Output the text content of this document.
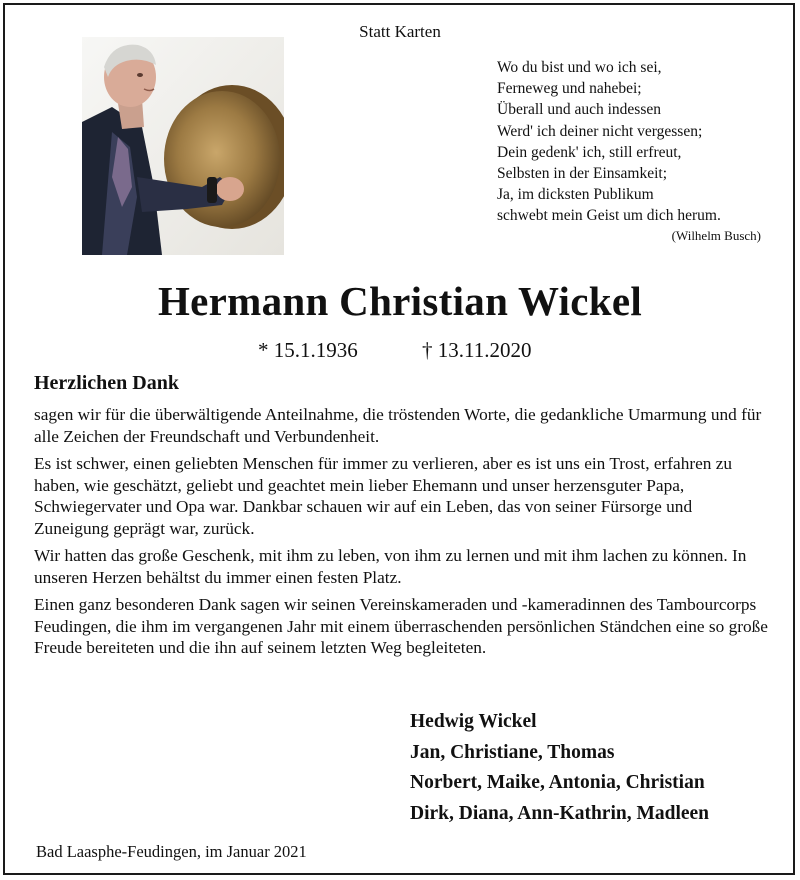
Statt Karten
Wo du bist und wo ich sei,
Ferneweg und nahebei;
Überall und auch indessen
Werd' ich deiner nicht vergessen;
Dein gedenk' ich, still erfreut,
Selbsten in der Einsamkeit;
Ja, im dicksten Publikum
schwebt mein Geist um dich herum.
(Wilhelm Busch)
Hermann Christian Wickel
* 15.1.1936	† 13.11.2020
Herzlichen Dank

sagen wir für die überwältigende Anteilnahme, die tröstenden Worte, die gedankliche Umarmung und für alle Zeichen der Freundschaft und Verbundenheit.

Es ist schwer, einen geliebten Menschen für immer zu verlieren, aber es ist uns ein Trost, erfahren zu haben, wie geschätzt, geliebt und geachtet mein lieber Ehemann und unser herzensguter Papa, Schwiegervater und Opa war. Dankbar schauen wir auf ein Leben, das von seiner Fürsorge und Zuneigung geprägt war, zurück.

Wir hatten das große Geschenk, mit ihm zu leben, von ihm zu lernen und mit ihm lachen zu können. In unseren Herzen behältst du immer einen festen Platz.

Einen ganz besonderen Dank sagen wir seinen Vereinskameraden und -kameradinnen des Tambourcorps Feudingen, die ihm im vergangenen Jahr mit einem überraschenden persönlichen Ständchen eine so große Freude bereiteten und die ihn auf seinem letzten Weg begleiteten.

Hedwig Wickel
Jan, Christiane, Thomas
Norbert, Maike, Antonia, Christian
Dirk, Diana, Ann-Kathrin, Madleen
Bad Laasphe-Feudingen, im Januar 2021
